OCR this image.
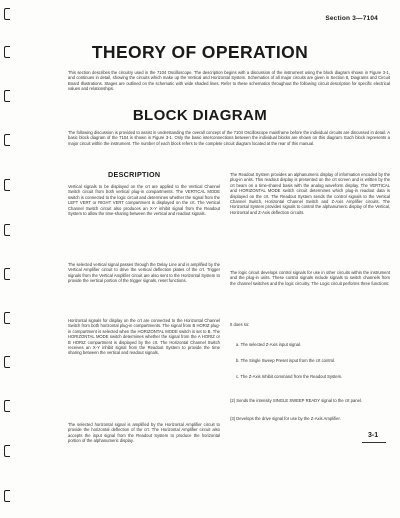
Section 3—7104
THEORY OF OPERATION
This section describes the circuitry used in the 7104 Oscilloscope. The description begins with a discussion of the instrument using the block diagram shown in Figure 3-1, and continues in detail, showing the circuits which make up the Vertical and Horizontal System. Schematics of all major circuits are given in Section 8, Diagrams and Circuit Board Illustrations. Stages are outlined on the schematic with wide shaded lines. Refer to these schematics throughout the following circuit description for specific electrical values and relationships.
BLOCK DIAGRAM
The following discussion is provided to assist in understanding the overall concept of the 7104 Oscilloscope mainframe before the individual circuits are discussed in detail. A basic block diagram of the 7104 is shown in Figure 3-1. Only the basic interconnections between the individual blocks are shown on this diagram. Each block represents a major circuit within the instrument. The number of each block refers to the complete circuit diagram located at the rear of this manual.
DESCRIPTION
Vertical signals to be displayed on the crt are applied to the Vertical Channel Switch circuit from both vertical plug-in compartments. The VERTICAL MODE switch is connected to the logic circuit and determines whether the signal from the LEFT VERT or RIGHT VERT compartment is displayed on the crt. The Vertical Channel Switch circuit also produces an X-Y inhibit signal from the Readout System to allow the time-sharing between the vertical and readout signals.
The selected vertical signal passes through the Delay Line and is amplified by the Vertical Amplifier circuit to drive the vertical deflection plates of the crt. Trigger signals from the Vertical Amplifier circuit are also sent to the Horizontal System to provide the vertical portion of the trigger signals, reset functions.
Horizontal signals for display on the crt are connected to the Horizontal Channel Switch from both horizontal plug-in compartments. The signal from B HORIZ plug-in compartment is selected when the HORIZONTAL MODE switch is set to B. The HORIZONTAL MODE switch determines whether the signal from the A HORIZ or B HORIZ compartment is displayed by the crt. The Horizontal Channel Switch receives an X-Y inhibit signal from the Readout System to provide the time sharing between the vertical and readout signals.
The selected horizontal signal is amplified by the Horizontal Amplifier circuit to provide the horizontal deflection of the crt. The Horizontal Amplifier circuit also accepts the input signal from the Readout System to produce the horizontal portion of the alphanumeric display.
The Readout System provides an alphanumeric display of information encoded by the plug-in units. This readout display is presented on the crt screen and is written by the crt beam on a time-shared basis with the analog waveform display. The VERTICAL and HORIZONTAL MODE switch circuit determines which plug-in readout data is displayed on the crt. The Readout System sends the control signals to the Vertical Channel Switch, Horizontal Channel Switch and Z-Axis Amplifier circuits. The Horizontal System provides signals to control the alphanumeric display of the Vertical, Horizontal and Z-Axis deflection circuits.
The logic circuit develops control signals for use in other circuits within the instrument and the plug-in units. These control signals include signals to switch channels from the channel switches and the logic circuitry. The Logic circuit performs three functions:
It does so:
a. The selected Z-Axis input signal.
b. The Single Sweep Preset input from the crt control.
c. The Z-Axis Inhibit command from the Readout System.
(2) Sends the intensity SINGLE SWEEP READY signal to the crt panel.
(3) Develops the drive signal for use by the Z-Axis Amplifier.
3-1
